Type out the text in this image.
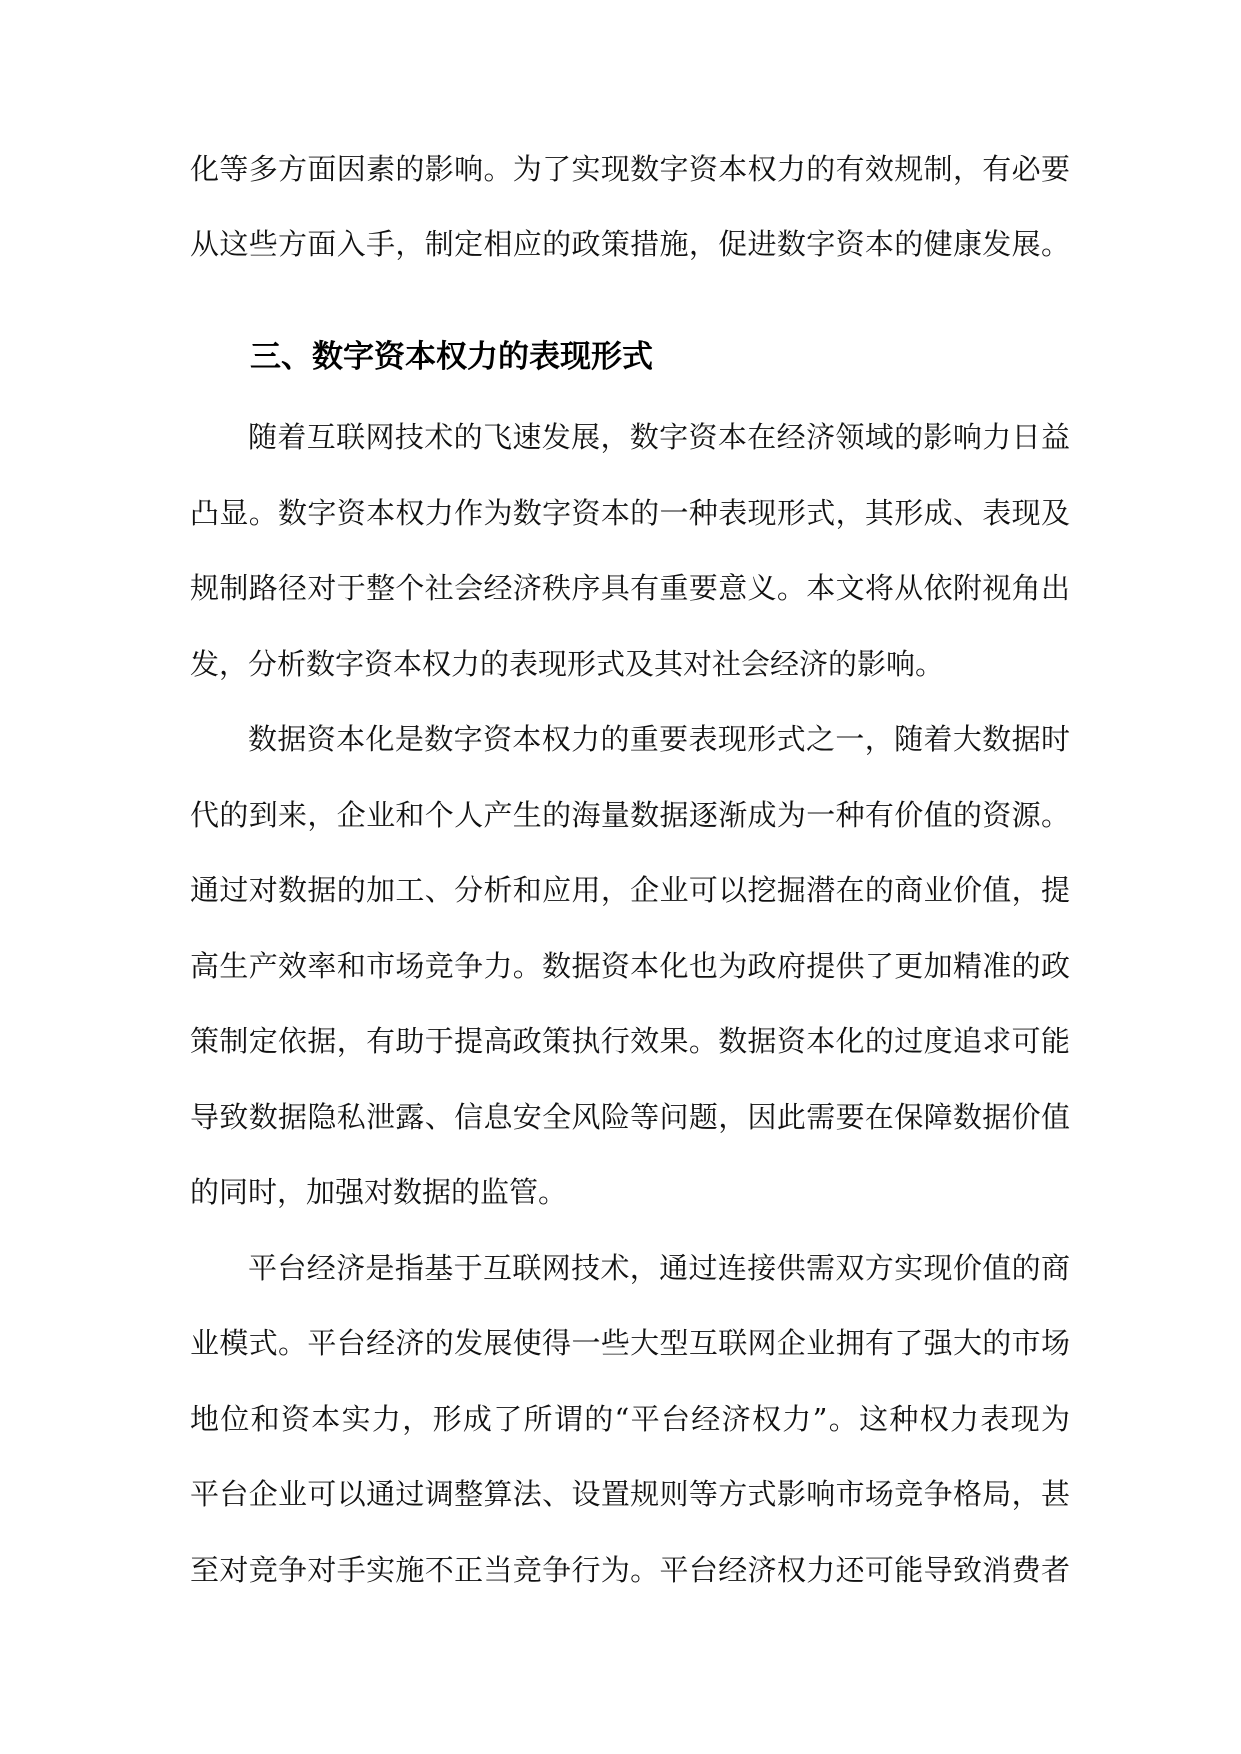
化等多方面因素的影响。为了实现数字资本权力的有效规制，有必要
从这些方面入手，制定相应的政策措施，促进数字资本的健康发展。
三、数字资本权力的表现形式
随着互联网技术的飞速发展，数字资本在经济领域的影响力日益
凸显。数字资本权力作为数字资本的一种表现形式，其形成、表现及
规制路径对于整个社会经济秩序具有重要意义。本文将从依附视角出
发，分析数字资本权力的表现形式及其对社会经济的影响。
数据资本化是数字资本权力的重要表现形式之一，随着大数据时
代的到来，企业和个人产生的海量数据逐渐成为一种有价值的资源。
通过对数据的加工、分析和应用，企业可以挖掘潜在的商业价值，提
高生产效率和市场竞争力。数据资本化也为政府提供了更加精准的政
策制定依据，有助于提高政策执行效果。数据资本化的过度追求可能
导致数据隐私泄露、信息安全风险等问题，因此需要在保障数据价值
的同时，加强对数据的监管。
平台经济是指基于互联网技术，通过连接供需双方实现价值的商
业模式。平台经济的发展使得一些大型互联网企业拥有了强大的市场
地位和资本实力，形成了所谓的“平台经济权力”。这种权力表现为
平台企业可以通过调整算法、设置规则等方式影响市场竞争格局，甚
至对竞争对手实施不正当竞争行为。平台经济权力还可能导致消费者
